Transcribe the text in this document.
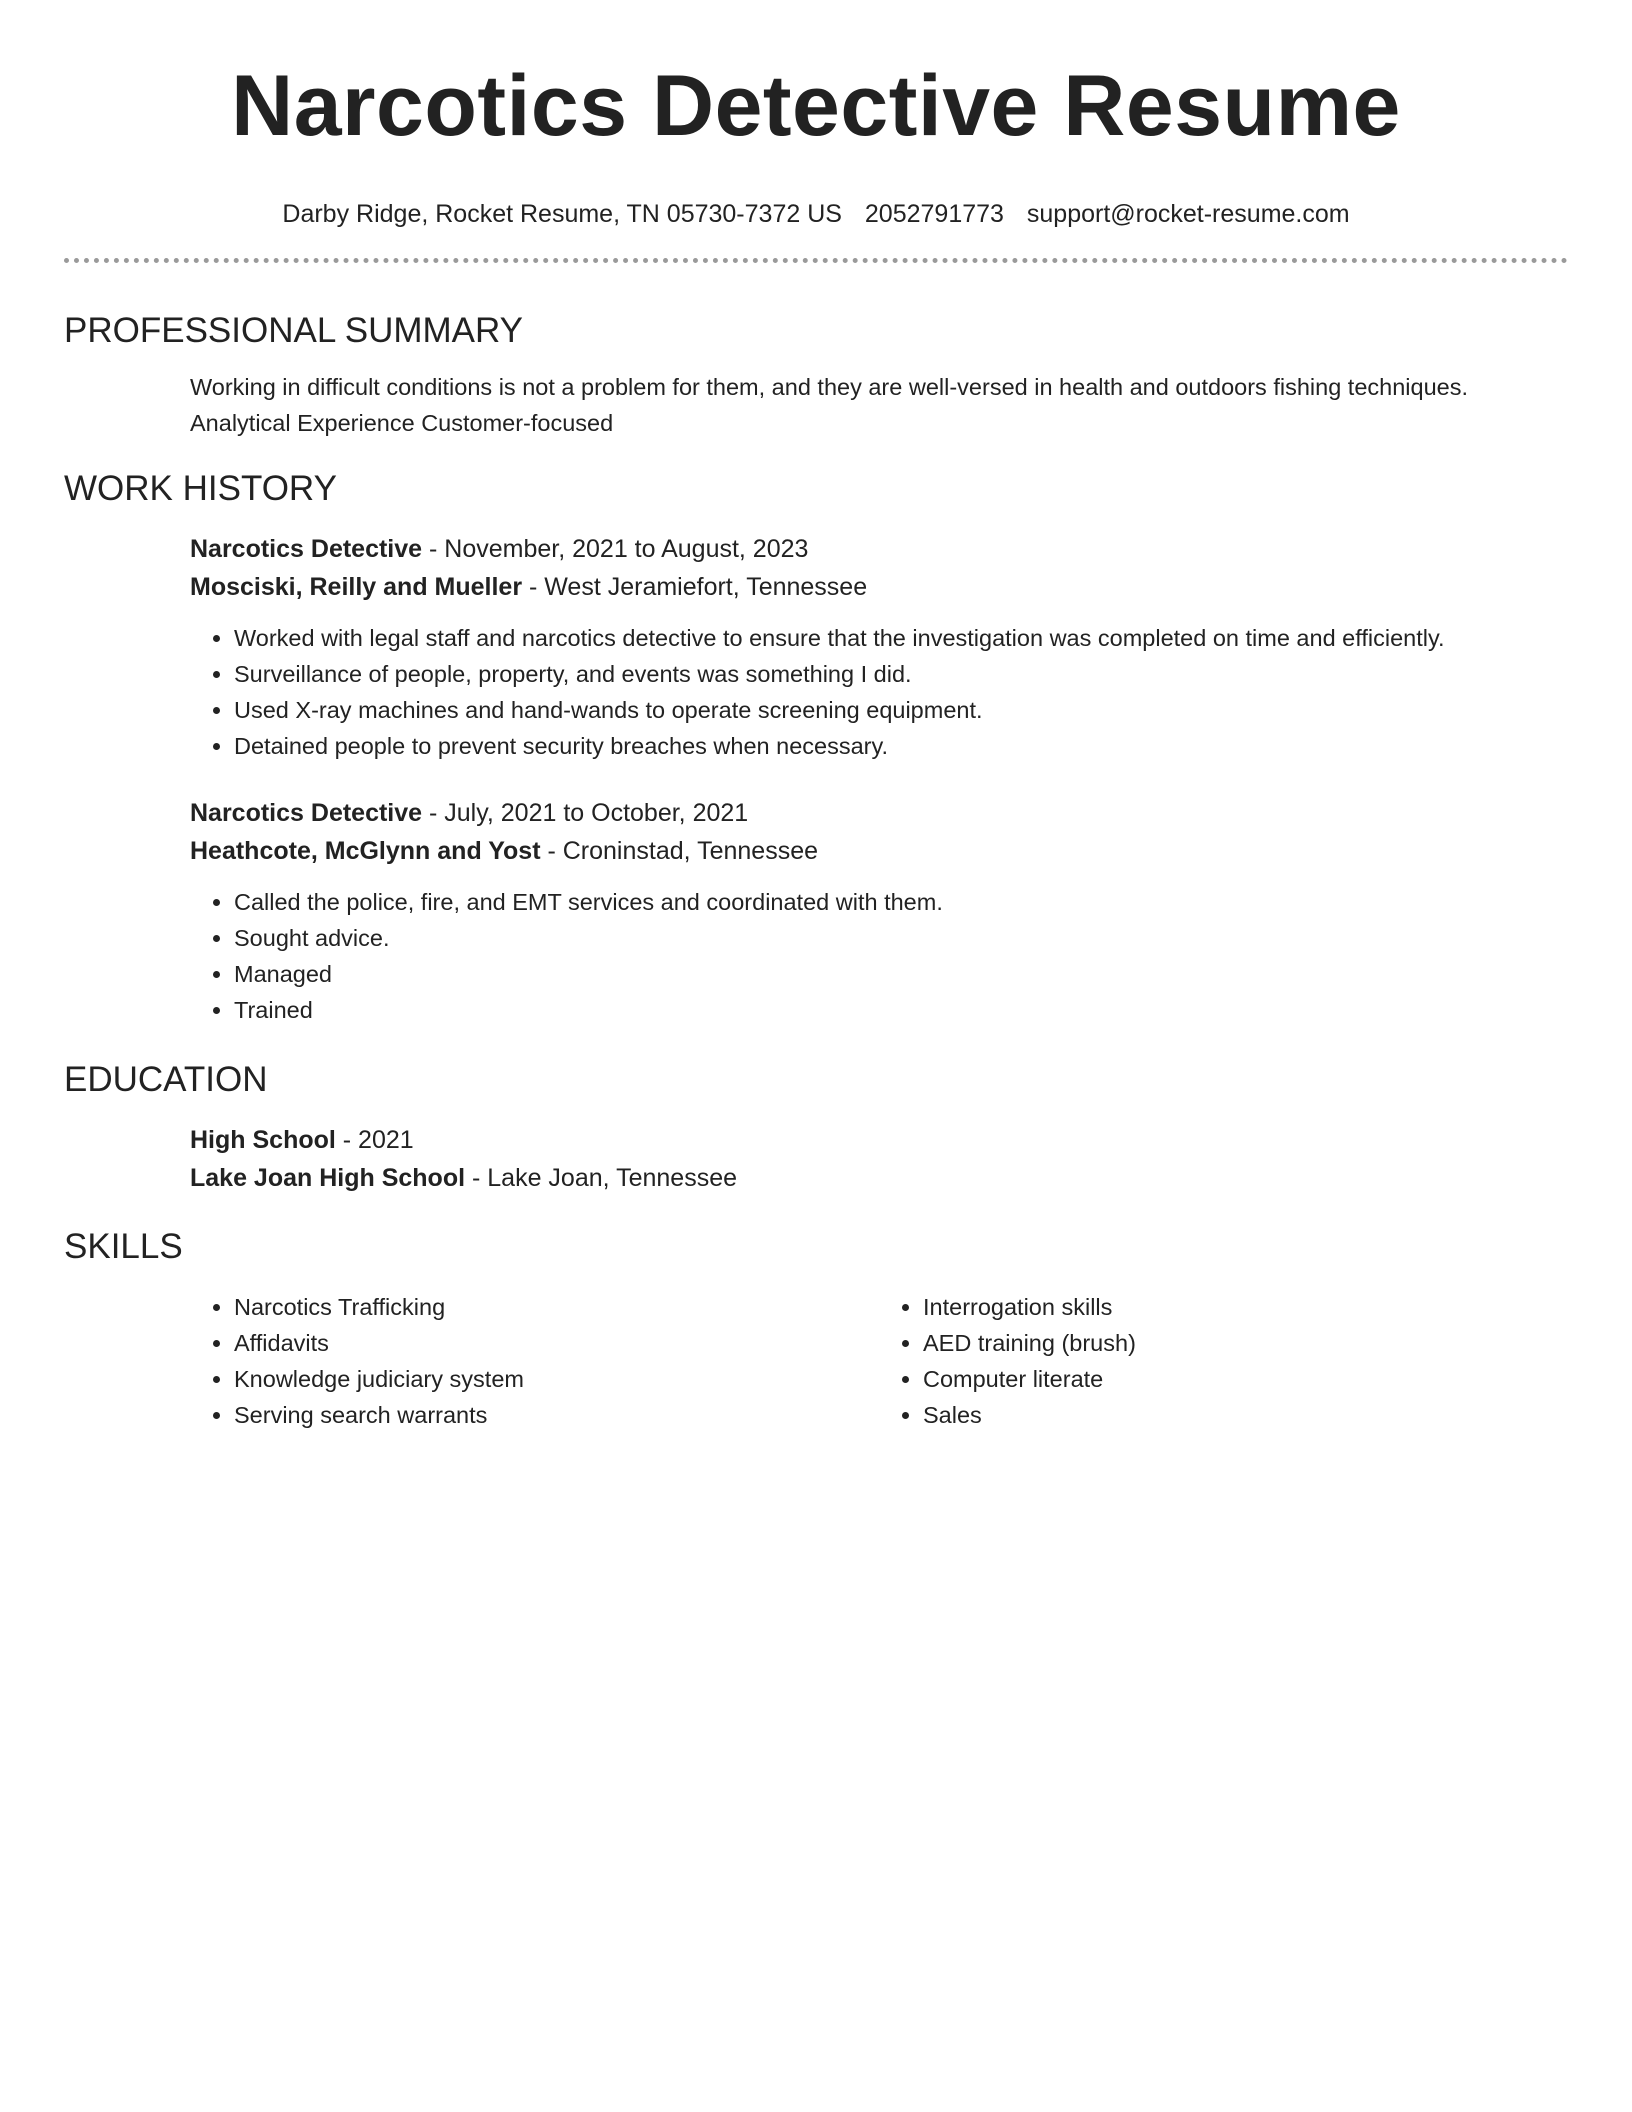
Narcotics Detective Resume
Darby Ridge, Rocket Resume, TN 05730-7372 US 2052791773 support@rocket-resume.com
PROFESSIONAL SUMMARY
Working in difficult conditions is not a problem for them, and they are well-versed in health and outdoors fishing techniques. Analytical Experience Customer-focused
WORK HISTORY
Narcotics Detective - November, 2021 to August, 2023
Mosciski, Reilly and Mueller - West Jeramiefort, Tennessee
• Worked with legal staff and narcotics detective to ensure that the investigation was completed on time and efficiently.
• Surveillance of people, property, and events was something I did.
• Used X-ray machines and hand-wands to operate screening equipment.
• Detained people to prevent security breaches when necessary.
Narcotics Detective - July, 2021 to October, 2021
Heathcote, McGlynn and Yost - Croninstad, Tennessee
• Called the police, fire, and EMT services and coordinated with them.
• Sought advice.
• Managed
• Trained
EDUCATION
High School - 2021
Lake Joan High School - Lake Joan, Tennessee
SKILLS
• Narcotics Trafficking
• Affidavits
• Knowledge judiciary system
• Serving search warrants
• Interrogation skills
• AED training (brush)
• Computer literate
• Sales
